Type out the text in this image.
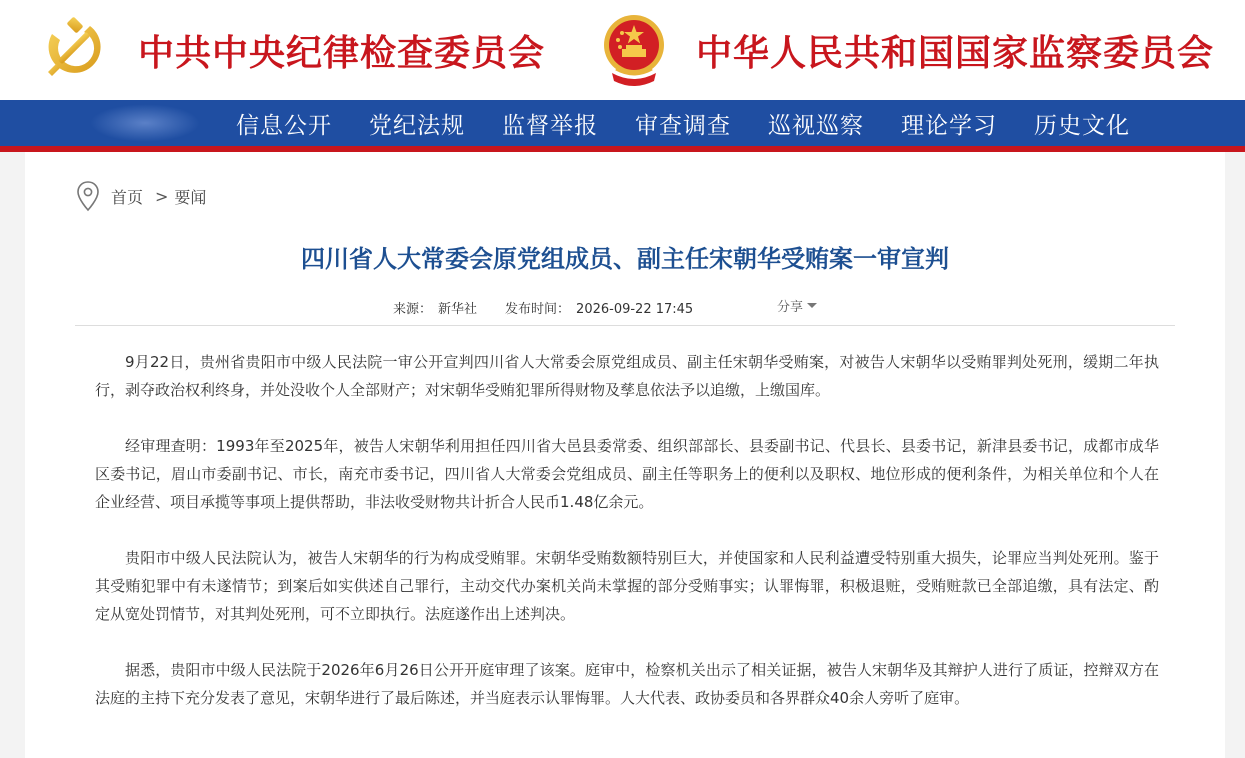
中共中央纪律检查委员会	中华人民共和国国家监察委员会
信息公开 党纪法规 监督举报 审查调查 巡视巡察 理论学习 历史文化
首页 > 要闻
四川省人大常委会原党组成员、副主任宋朝华受贿案一审宣判
来源： 新华社 发布时间： 2026-09-22 17:45	分享

9月22日，贵州省贵阳市中级人民法院一审公开宣判四川省人大常委会原党组成员、副主任宋朝华受贿案，对被告人宋朝华以受贿罪判处死刑，缓期二年执行，剥夺政治权利终身，并处没收个人全部财产；对宋朝华受贿犯罪所得财物及孳息依法予以追缴，上缴国库。

经审理查明：1993年至2025年，被告人宋朝华利用担任四川省大邑县委常委、组织部部长、县委副书记、代县长、县委书记，新津县委书记，成都市成华区委书记，眉山市委副书记、市长，南充市委书记，四川省人大常委会党组成员、副主任等职务上的便利以及职权、地位形成的便利条件，为相关单位和个人在企业经营、项目承揽等事项上提供帮助，非法收受财物共计折合人民币1.48亿余元。

贵阳市中级人民法院认为，被告人宋朝华的行为构成受贿罪。宋朝华受贿数额特别巨大，并使国家和人民利益遭受特别重大损失，论罪应当判处死刑。鉴于其受贿犯罪中有未遂情节；到案后如实供述自己罪行，主动交代办案机关尚未掌握的部分受贿事实；认罪悔罪，积极退赃，受贿赃款已全部追缴，具有法定、酌定从宽处罚情节，对其判处死刑，可不立即执行。法庭遂作出上述判决。

据悉，贵阳市中级人民法院于2026年6月26日公开开庭审理了该案。庭审中，检察机关出示了相关证据，被告人宋朝华及其辩护人进行了质证，控辩双方在法庭的主持下充分发表了意见，宋朝华进行了最后陈述，并当庭表示认罪悔罪。人大代表、政协委员和各界群众40余人旁听了庭审。
